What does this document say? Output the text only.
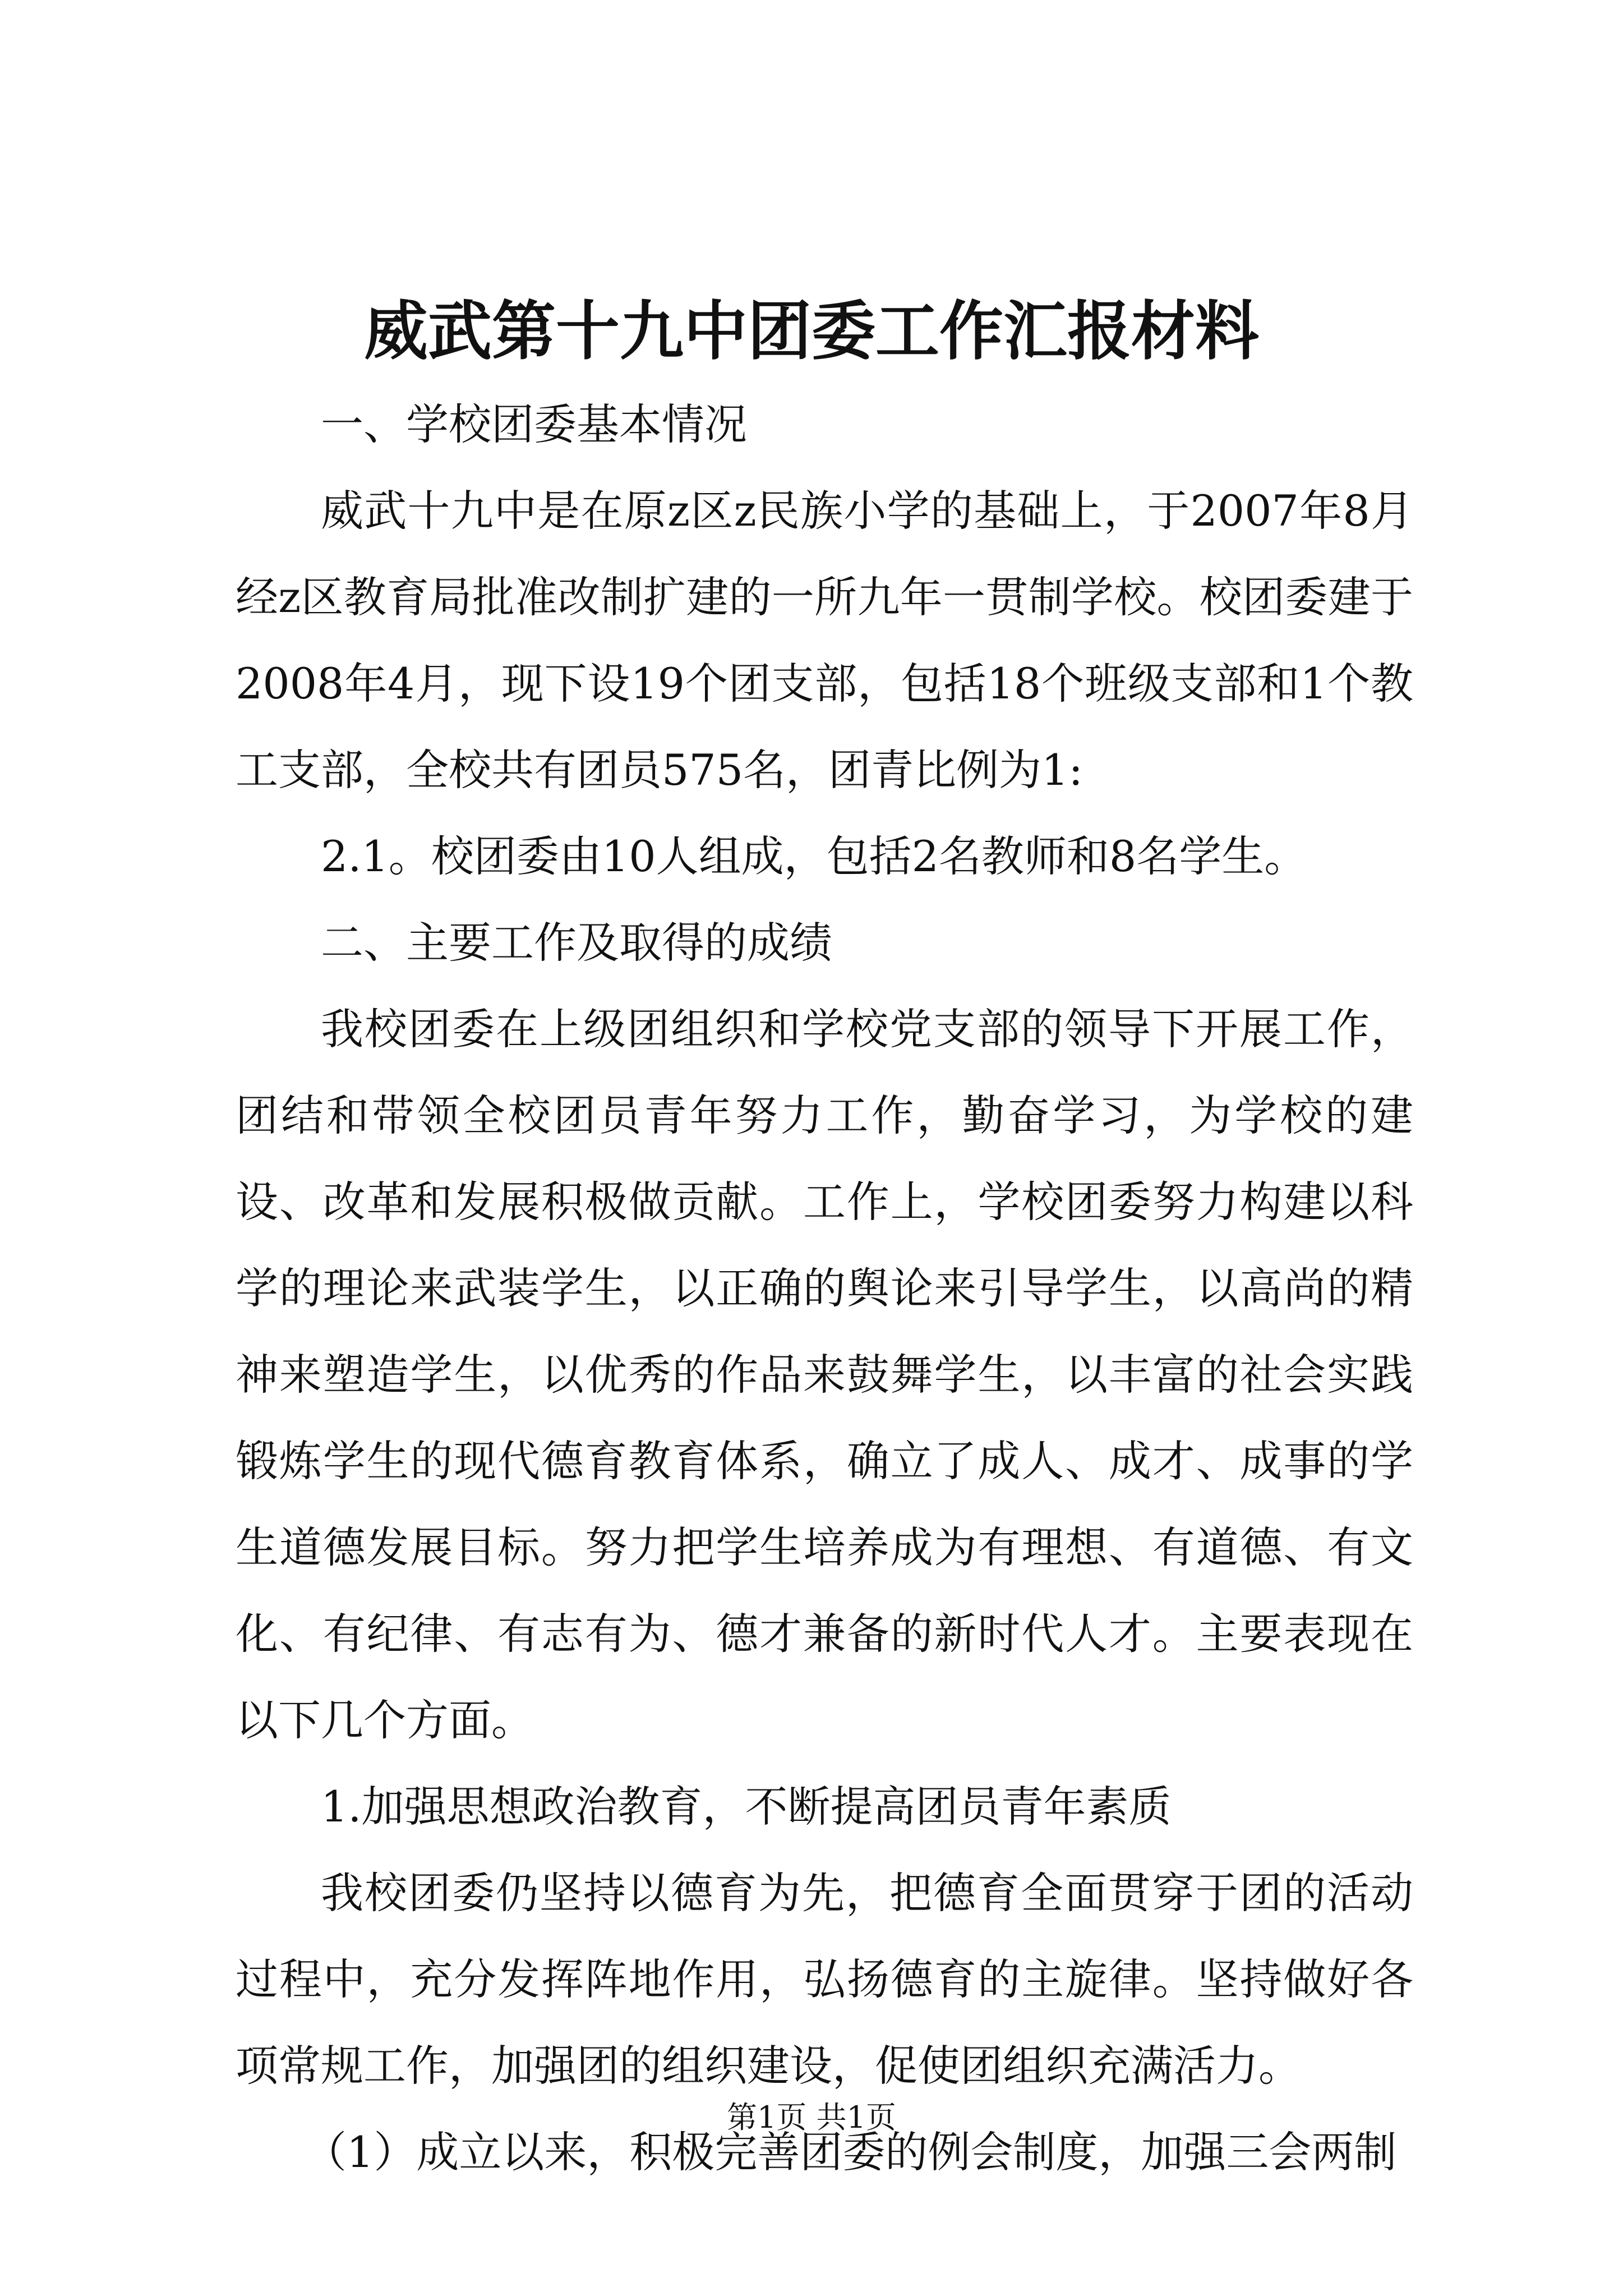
威武第十九中团委工作汇报材料

一、学校团委基本情况

威武十九中是在原z区z民族小学的基础上，于2007年8月经z区教育局批准改制扩建的一所九年一贯制学校。校团委建于2008年4月，现下设19个团支部，包括18个班级支部和1个教工支部，全校共有团员575名，团青比例为1:

2.1。校团委由10人组成，包括2名教师和8名学生。

二、主要工作及取得的成绩

我校团委在上级团组织和学校党支部的领导下开展工作，团结和带领全校团员青年努力工作，勤奋学习，为学校的建设、改革和发展积极做贡献。工作上，学校团委努力构建以科学的理论来武装学生，以正确的舆论来引导学生，以高尚的精神来塑造学生，以优秀的作品来鼓舞学生，以丰富的社会实践锻炼学生的现代德育教育体系，确立了成人、成才、成事的学生道德发展目标。努力把学生培养成为有理想、有道德、有文化、有纪律、有志有为、德才兼备的新时代人才。主要表现在以下几个方面。

1.加强思想政治教育，不断提高团员青年素质

我校团委仍坚持以德育为先，把德育全面贯穿于团的活动过程中，充分发挥阵地作用，弘扬德育的主旋律。坚持做好各项常规工作，加强团的组织建设，促使团组织充满活力。

（1）成立以来，积极完善团委的例会制度，加强三会两制

第1页 共1页
